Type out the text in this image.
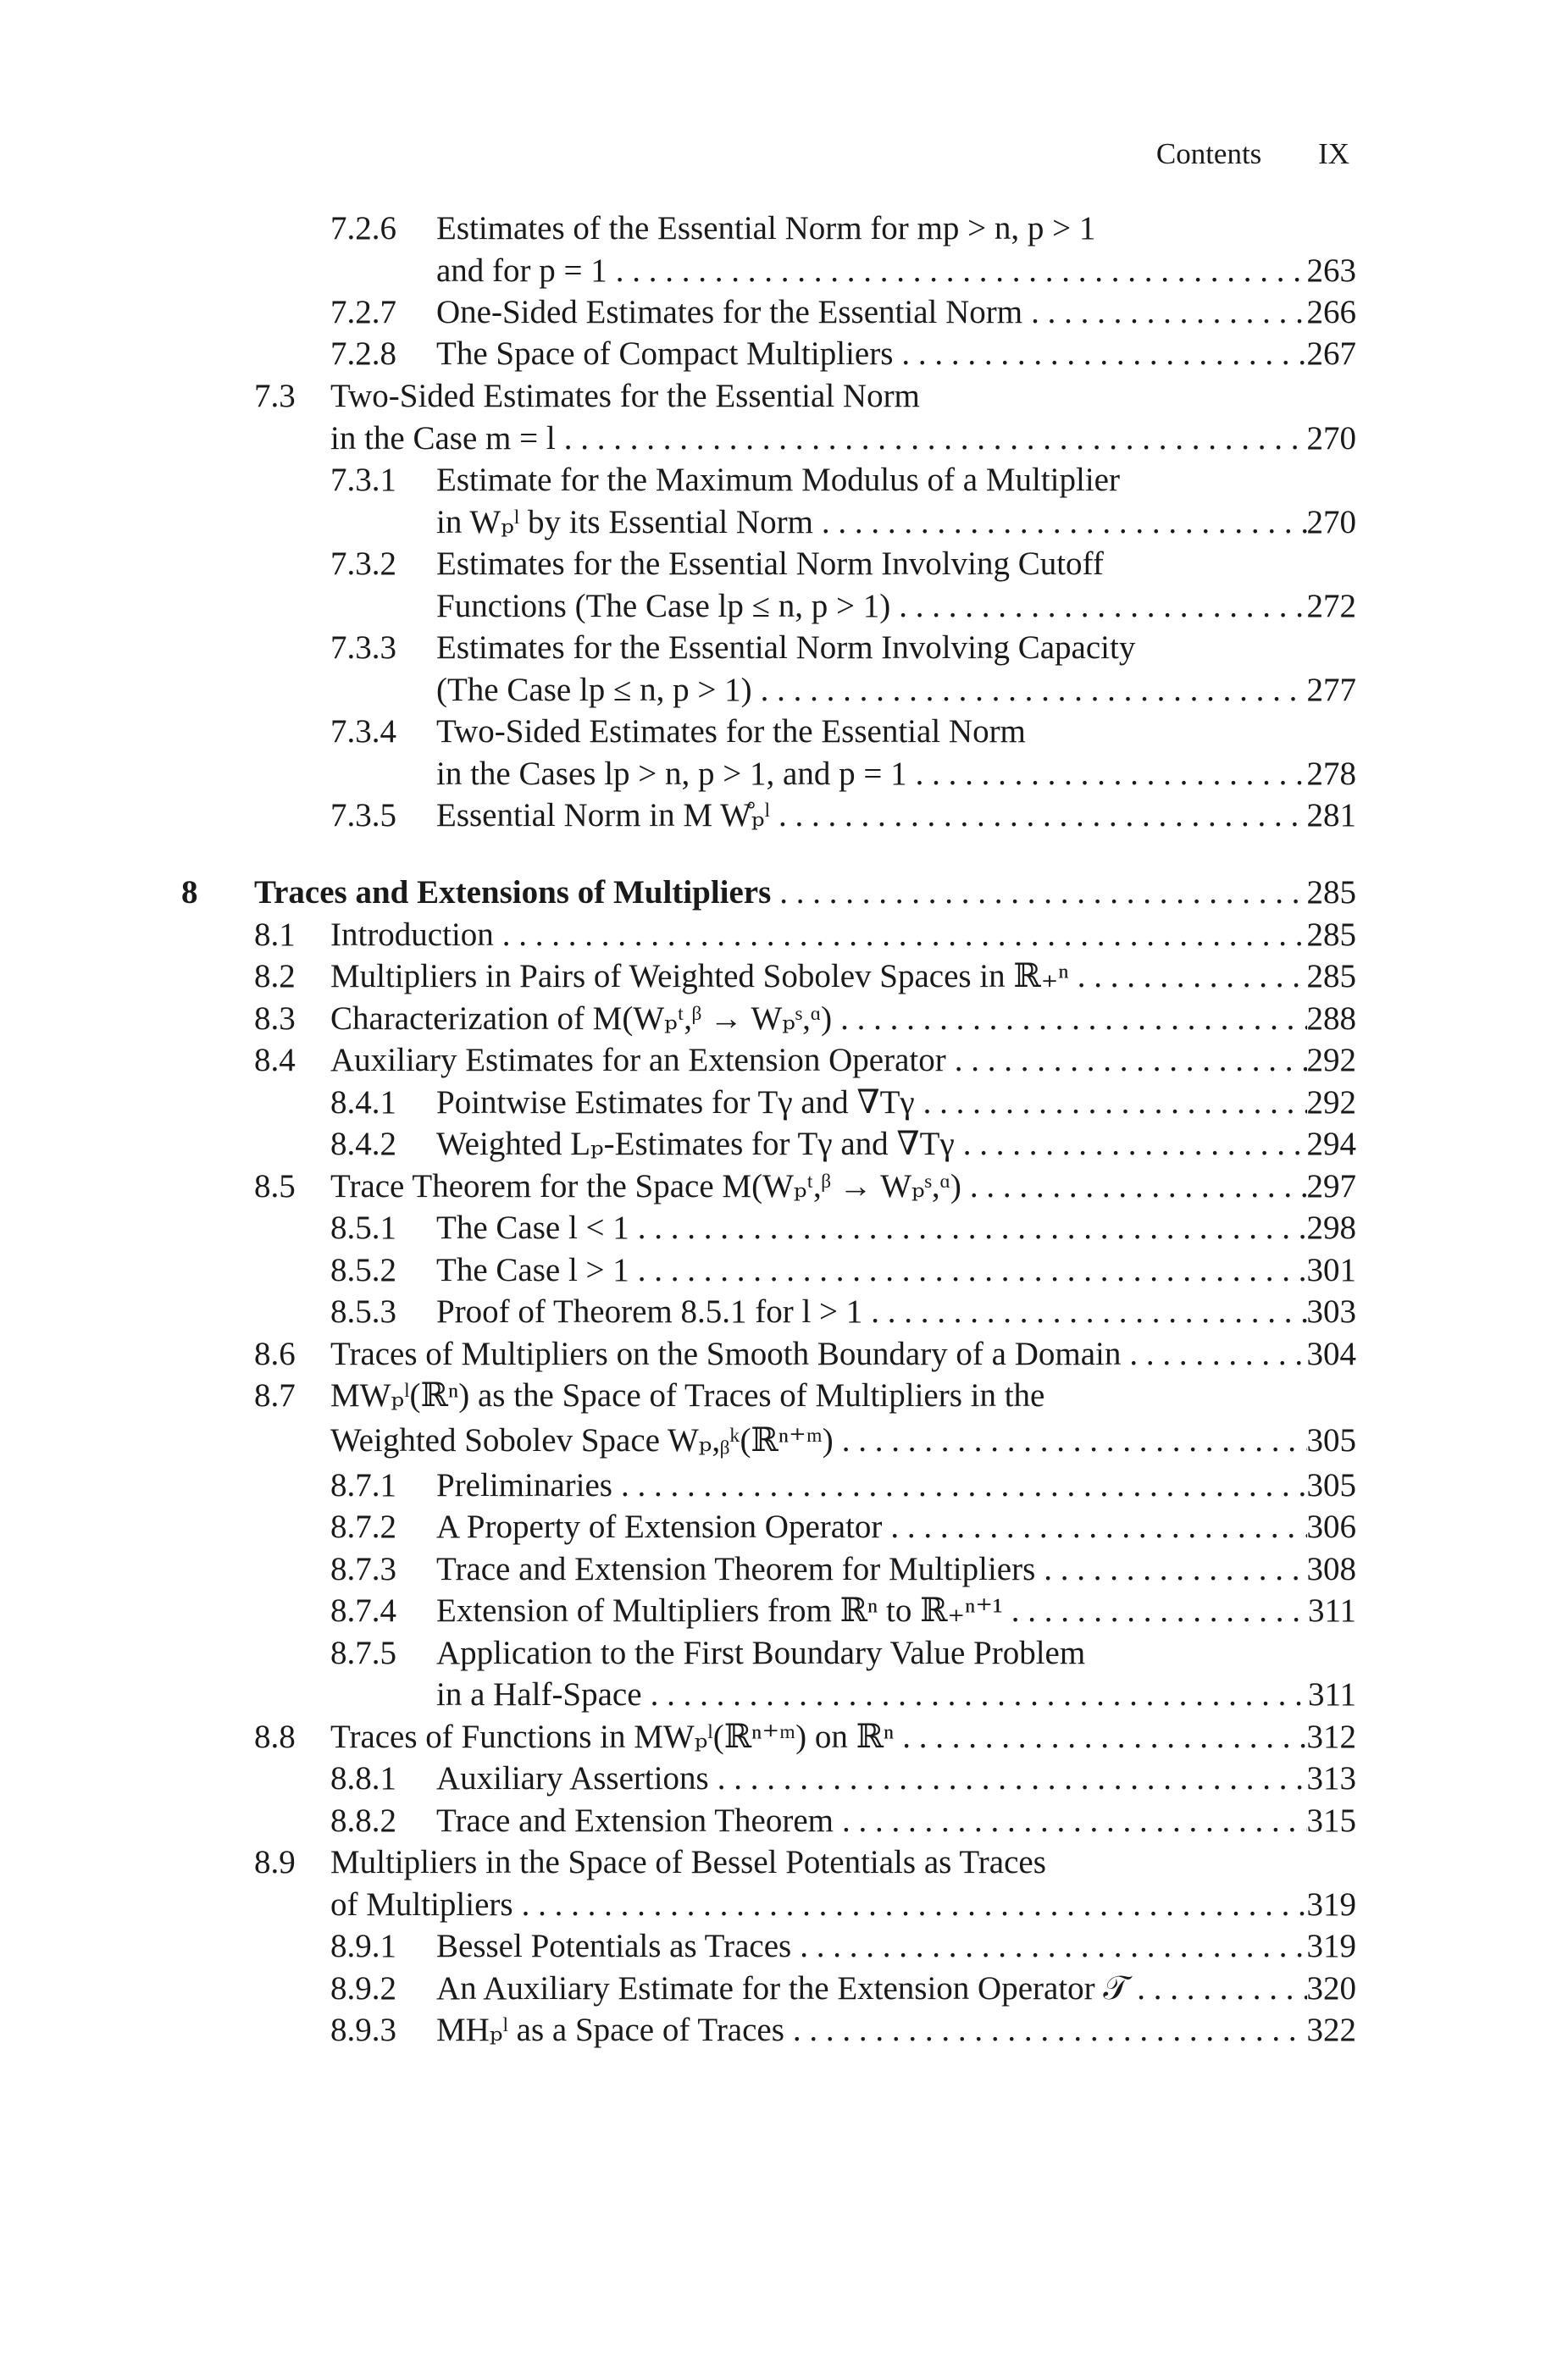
Contents IX
7.2.6 Estimates of the Essential Norm for mp > n, p > 1
and for p = 1 . . .	263
7.2.7 One-Sided Estimates for the Essential Norm . . .	266
7.2.8 The Space of Compact Multipliers . . .	267
7.3 Two-Sided Estimates for the Essential Norm
in the Case m = l . . .	270
7.3.1 Estimate for the Maximum Modulus of a Multiplier
in Wₚˡ by its Essential Norm . . .	270
7.3.2 Estimates for the Essential Norm Involving Cutoff
Functions (The Case lp ≤ n, p > 1) . . .	272
7.3.3 Estimates for the Essential Norm Involving Capacity
(The Case lp ≤ n, p > 1) . . .	277
7.3.4 Two-Sided Estimates for the Essential Norm
in the Cases lp > n, p > 1, and p = 1 . . .	278
7.3.5 Essential Norm in M W̊ₚˡ . . .	281
8 Traces and Extensions of Multipliers . . .	285
8.1 Introduction . . .	285
8.2 Multipliers in Pairs of Weighted Sobolev Spaces in ℝ₊ⁿ . . .	285
8.3 Characterization of M(Wₚᵗ,ᵝ → Wₚˢ,ᵅ) . . .	288
8.4 Auxiliary Estimates for an Extension Operator . . .	292
8.4.1 Pointwise Estimates for Tγ and ∇Tγ . . .	292
8.4.2 Weighted Lₚ-Estimates for Tγ and ∇Tγ . . .	294
8.5 Trace Theorem for the Space M(Wₚᵗ,ᵝ → Wₚˢ,ᵅ) . . .	297
8.5.1 The Case l < 1 . . .	298
8.5.2 The Case l > 1 . . .	301
8.5.3 Proof of Theorem 8.5.1 for l > 1 . . .	303
8.6 Traces of Multipliers on the Smooth Boundary of a Domain . . .	304
8.7 MWₚˡ(ℝⁿ) as the Space of Traces of Multipliers in the
Weighted Sobolev Space Wₚ,ᵦᵏ(ℝⁿ⁺ᵐ) . . .	305
8.7.1 Preliminaries . . .	305
8.7.2 A Property of Extension Operator . . .	306
8.7.3 Trace and Extension Theorem for Multipliers . . .	308
8.7.4 Extension of Multipliers from ℝⁿ to ℝ₊ⁿ⁺¹ . . .	311
8.7.5 Application to the First Boundary Value Problem
in a Half-Space . . .	311
8.8 Traces of Functions in MWₚˡ(ℝⁿ⁺ᵐ) on ℝⁿ . . .	312
8.8.1 Auxiliary Assertions . . .	313
8.8.2 Trace and Extension Theorem . . .	315
8.9 Multipliers in the Space of Bessel Potentials as Traces
of Multipliers . . .	319
8.9.1 Bessel Potentials as Traces . . .	319
8.9.2 An Auxiliary Estimate for the Extension Operator 𝒯 . . .	320
8.9.3 MHₚˡ as a Space of Traces . . .	322
